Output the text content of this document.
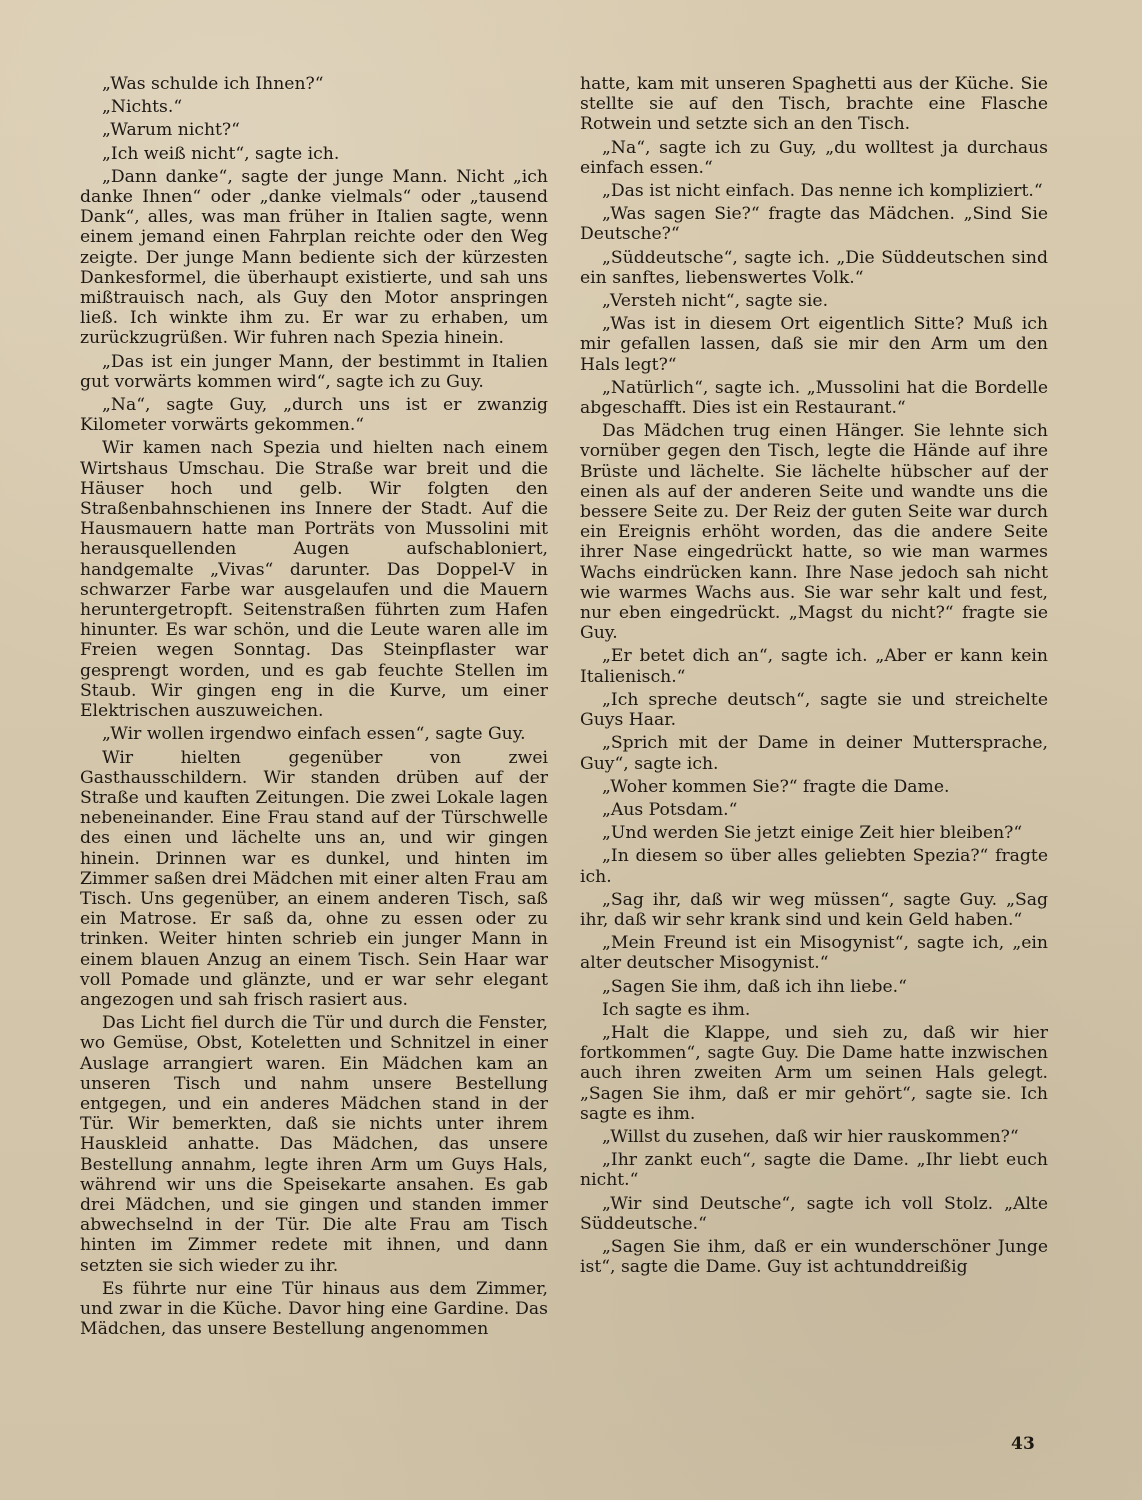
„Was schulde ich Ihnen?“

„Nichts.“

„Warum nicht?“

„Ich weiß nicht“, sagte ich.

„Dann danke“, sagte der junge Mann. Nicht „ich danke Ihnen“ oder „danke vielmals“ oder „tausend Dank“, alles, was man früher in Italien sagte, wenn einem jemand einen Fahrplan reichte oder den Weg zeigte. Der junge Mann bediente sich der kürzesten Dankesformel, die überhaupt existierte, und sah uns mißtrauisch nach, als Guy den Motor anspringen ließ. Ich winkte ihm zu. Er war zu erhaben, um zurückzugrüßen. Wir fuhren nach Spezia hinein.

„Das ist ein junger Mann, der bestimmt in Italien gut vorwärts kommen wird“, sagte ich zu Guy.

„Na“, sagte Guy, „durch uns ist er zwanzig Kilometer vorwärts gekommen.“

Wir kamen nach Spezia und hielten nach einem Wirtshaus Umschau. Die Straße war breit und die Häuser hoch und gelb. Wir folgten den Straßenbahnschienen ins Innere der Stadt. Auf die Hausmauern hatte man Porträts von Mussolini mit herausquellenden Augen aufschabloniert, handgemalte „Vivas“ darunter. Das Doppel-V in schwarzer Farbe war ausgelaufen und die Mauern heruntergetropft. Seitenstraßen führten zum Hafen hinunter. Es war schön, und die Leute waren alle im Freien wegen Sonntag. Das Steinpflaster war gesprengt worden, und es gab feuchte Stellen im Staub. Wir gingen eng in die Kurve, um einer Elektrischen auszuweichen.

„Wir wollen irgendwo einfach essen“, sagte Guy.

Wir hielten gegenüber von zwei Gasthausschildern. Wir standen drüben auf der Straße und kauften Zeitungen. Die zwei Lokale lagen nebeneinander. Eine Frau stand auf der Türschwelle des einen und lächelte uns an, und wir gingen hinein. Drinnen war es dunkel, und hinten im Zimmer saßen drei Mädchen mit einer alten Frau am Tisch. Uns gegenüber, an einem anderen Tisch, saß ein Matrose. Er saß da, ohne zu essen oder zu trinken. Weiter hinten schrieb ein junger Mann in einem blauen Anzug an einem Tisch. Sein Haar war voll Pomade und glänzte, und er war sehr elegant angezogen und sah frisch rasiert aus.

Das Licht fiel durch die Tür und durch die Fenster, wo Gemüse, Obst, Koteletten und Schnitzel in einer Auslage arrangiert waren. Ein Mädchen kam an unseren Tisch und nahm unsere Bestellung entgegen, und ein anderes Mädchen stand in der Tür. Wir bemerkten, daß sie nichts unter ihrem Hauskleid anhatte. Das Mädchen, das unsere Bestellung annahm, legte ihren Arm um Guys Hals, während wir uns die Speisekarte ansahen. Es gab drei Mädchen, und sie gingen und standen immer abwechselnd in der Tür. Die alte Frau am Tisch hinten im Zimmer redete mit ihnen, und dann setzten sie sich wieder zu ihr.

Es führte nur eine Tür hinaus aus dem Zimmer, und zwar in die Küche. Davor hing eine Gardine. Das Mädchen, das unsere Bestellung angenommen

hatte, kam mit unseren Spaghetti aus der Küche. Sie stellte sie auf den Tisch, brachte eine Flasche Rotwein und setzte sich an den Tisch.

„Na“, sagte ich zu Guy, „du wolltest ja durchaus einfach essen.“

„Das ist nicht einfach. Das nenne ich kompliziert.“

„Was sagen Sie?“ fragte das Mädchen. „Sind Sie Deutsche?“

„Süddeutsche“, sagte ich. „Die Süddeutschen sind ein sanftes, liebenswertes Volk.“

„Versteh nicht“, sagte sie.

„Was ist in diesem Ort eigentlich Sitte? Muß ich mir gefallen lassen, daß sie mir den Arm um den Hals legt?“

„Natürlich“, sagte ich. „Mussolini hat die Bordelle abgeschafft. Dies ist ein Restaurant.“

Das Mädchen trug einen Hänger. Sie lehnte sich vornüber gegen den Tisch, legte die Hände auf ihre Brüste und lächelte. Sie lächelte hübscher auf der einen als auf der anderen Seite und wandte uns die bessere Seite zu. Der Reiz der guten Seite war durch ein Ereignis erhöht worden, das die andere Seite ihrer Nase eingedrückt hatte, so wie man warmes Wachs eindrücken kann. Ihre Nase jedoch sah nicht wie warmes Wachs aus. Sie war sehr kalt und fest, nur eben eingedrückt. „Magst du nicht?“ fragte sie Guy.

„Er betet dich an“, sagte ich. „Aber er kann kein Italienisch.“

„Ich spreche deutsch“, sagte sie und streichelte Guys Haar.

„Sprich mit der Dame in deiner Muttersprache, Guy“, sagte ich.

„Woher kommen Sie?“ fragte die Dame.

„Aus Potsdam.“

„Und werden Sie jetzt einige Zeit hier bleiben?“

„In diesem so über alles geliebten Spezia?“ fragte ich.

„Sag ihr, daß wir weg müssen“, sagte Guy. „Sag ihr, daß wir sehr krank sind und kein Geld haben.“

„Mein Freund ist ein Misogynist“, sagte ich, „ein alter deutscher Misogynist.“

„Sagen Sie ihm, daß ich ihn liebe.“

Ich sagte es ihm.

„Halt die Klappe, und sieh zu, daß wir hier fortkommen“, sagte Guy. Die Dame hatte inzwischen auch ihren zweiten Arm um seinen Hals gelegt. „Sagen Sie ihm, daß er mir gehört“, sagte sie. Ich sagte es ihm.

„Willst du zusehen, daß wir hier rauskommen?“

„Ihr zankt euch“, sagte die Dame. „Ihr liebt euch nicht.“

„Wir sind Deutsche“, sagte ich voll Stolz. „Alte Süddeutsche.“

„Sagen Sie ihm, daß er ein wunderschöner Junge ist“, sagte die Dame. Guy ist achtunddreißig

43
